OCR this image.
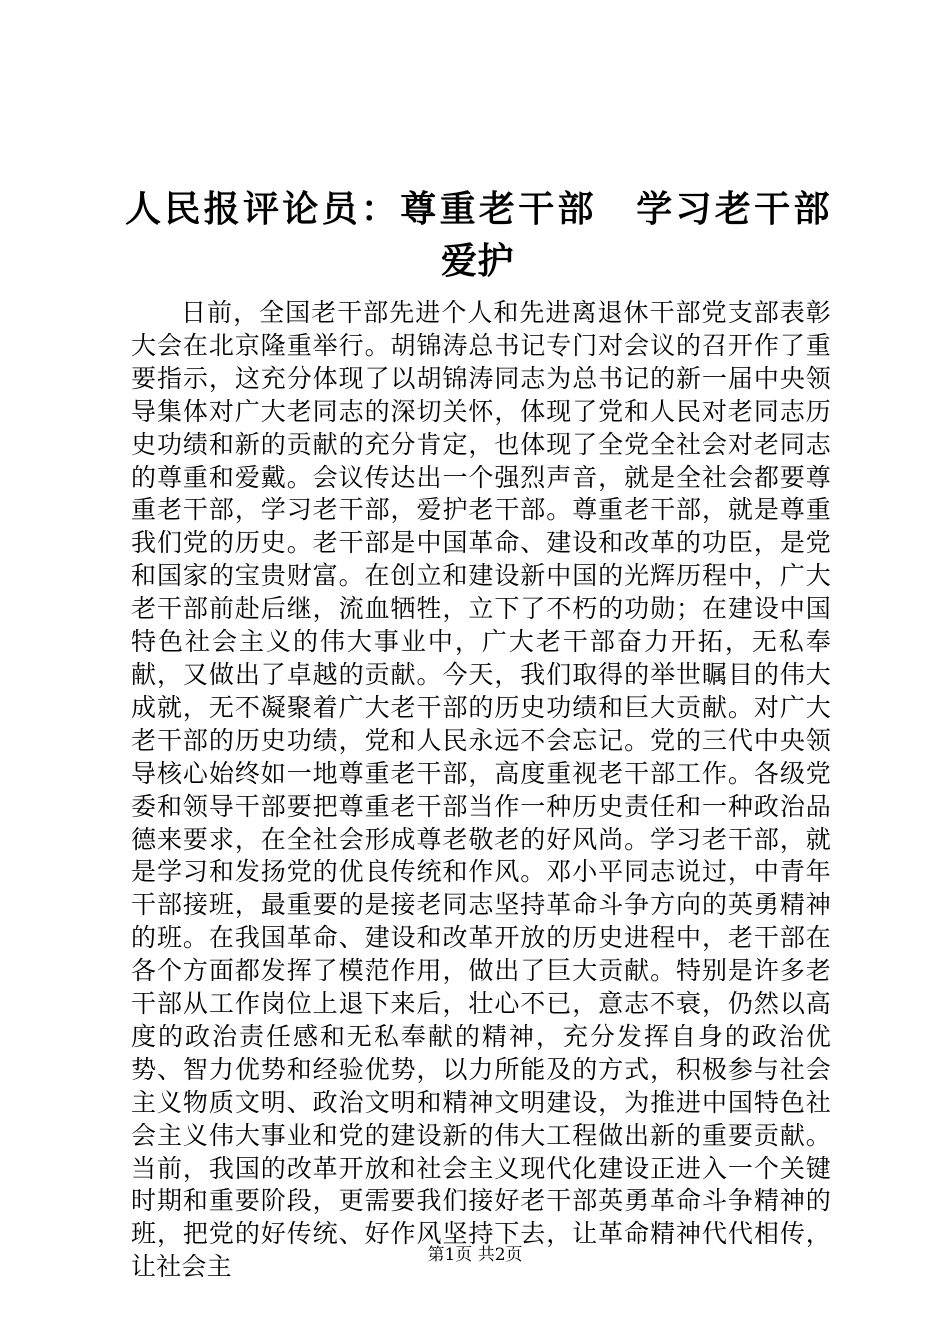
人民报评论员：尊重老干部　学习老干部　爱护

日前，全国老干部先进个人和先进离退休干部党支部表彰大会在北京隆重举行。胡锦涛总书记专门对会议的召开作了重要指示，这充分体现了以胡锦涛同志为总书记的新一届中央领导集体对广大老同志的深切关怀，体现了党和人民对老同志历史功绩和新的贡献的充分肯定，也体现了全党全社会对老同志的尊重和爱戴。会议传达出一个强烈声音，就是全社会都要尊重老干部，学习老干部，爱护老干部。尊重老干部，就是尊重我们党的历史。老干部是中国革命、建设和改革的功臣，是党和国家的宝贵财富。在创立和建设新中国的光辉历程中，广大老干部前赴后继，流血牺牲，立下了不朽的功勋；在建设中国特色社会主义的伟大事业中，广大老干部奋力开拓，无私奉献，又做出了卓越的贡献。今天，我们取得的举世瞩目的伟大成就，无不凝聚着广大老干部的历史功绩和巨大贡献。对广大老干部的历史功绩，党和人民永远不会忘记。党的三代中央领导核心始终如一地尊重老干部，高度重视老干部工作。各级党委和领导干部要把尊重老干部当作一种历史责任和一种政治品德来要求，在全社会形成尊老敬老的好风尚。学习老干部，就是学习和发扬党的优良传统和作风。邓小平同志说过，中青年干部接班，最重要的是接老同志坚持革命斗争方向的英勇精神的班。在我国革命、建设和改革开放的历史进程中，老干部在各个方面都发挥了模范作用，做出了巨大贡献。特别是许多老干部从工作岗位上退下来后，壮心不已，意志不衰，仍然以高度的政治责任感和无私奉献的精神，充分发挥自身的政治优势、智力优势和经验优势，以力所能及的方式，积极参与社会主义物质文明、政治文明和精神文明建设，为推进中国特色社会主义伟大事业和党的建设新的伟大工程做出新的重要贡献。当前，我国的改革开放和社会主义现代化建设正进入一个关键时期和重要阶段，更需要我们接好老干部英勇革命斗争精神的班，把党的好传统、好作风坚持下去，让革命精神代代相传，让社会主	第1页 共2页
